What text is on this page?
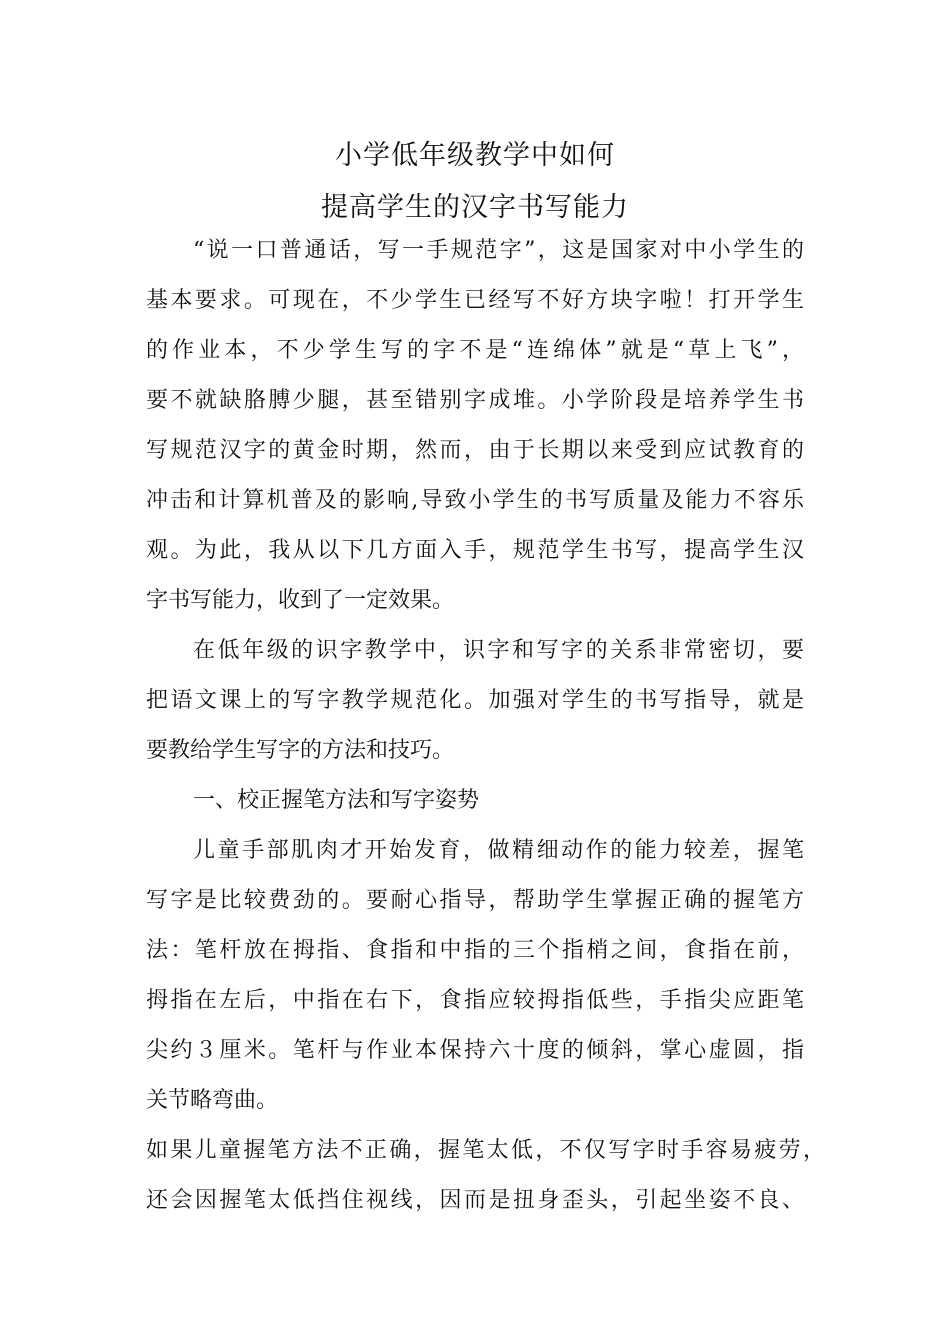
小学低年级教学中如何
提高学生的汉字书写能力
“说一口普通话，写一手规范字”，这是国家对中小学生的
基本要求。可现在，不少学生已经写不好方块字啦！打开学生
的作业本，不少学生写的字不是“连绵体”就是“草上飞”，
要不就缺胳膊少腿，甚至错别字成堆。小学阶段是培养学生书
写规范汉字的黄金时期，然而，由于长期以来受到应试教育的
冲击和计算机普及的影响,导致小学生的书写质量及能力不容乐
观。为此，我从以下几方面入手，规范学生书写，提高学生汉
字书写能力，收到了一定效果。
在低年级的识字教学中，识字和写字的关系非常密切，要
把语文课上的写字教学规范化。加强对学生的书写指导，就是
要教给学生写字的方法和技巧。
一、校正握笔方法和写字姿势
儿童手部肌肉才开始发育，做精细动作的能力较差，握笔
写字是比较费劲的。要耐心指导，帮助学生掌握正确的握笔方
法：笔杆放在拇指、食指和中指的三个指梢之间，食指在前，
拇指在左后，中指在右下，食指应较拇指低些，手指尖应距笔
尖约３厘米。笔杆与作业本保持六十度的倾斜，掌心虚圆，指
关节略弯曲。
如果儿童握笔方法不正确，握笔太低，不仅写字时手容易疲劳，
还会因握笔太低挡住视线，因而是扭身歪头，引起坐姿不良、
